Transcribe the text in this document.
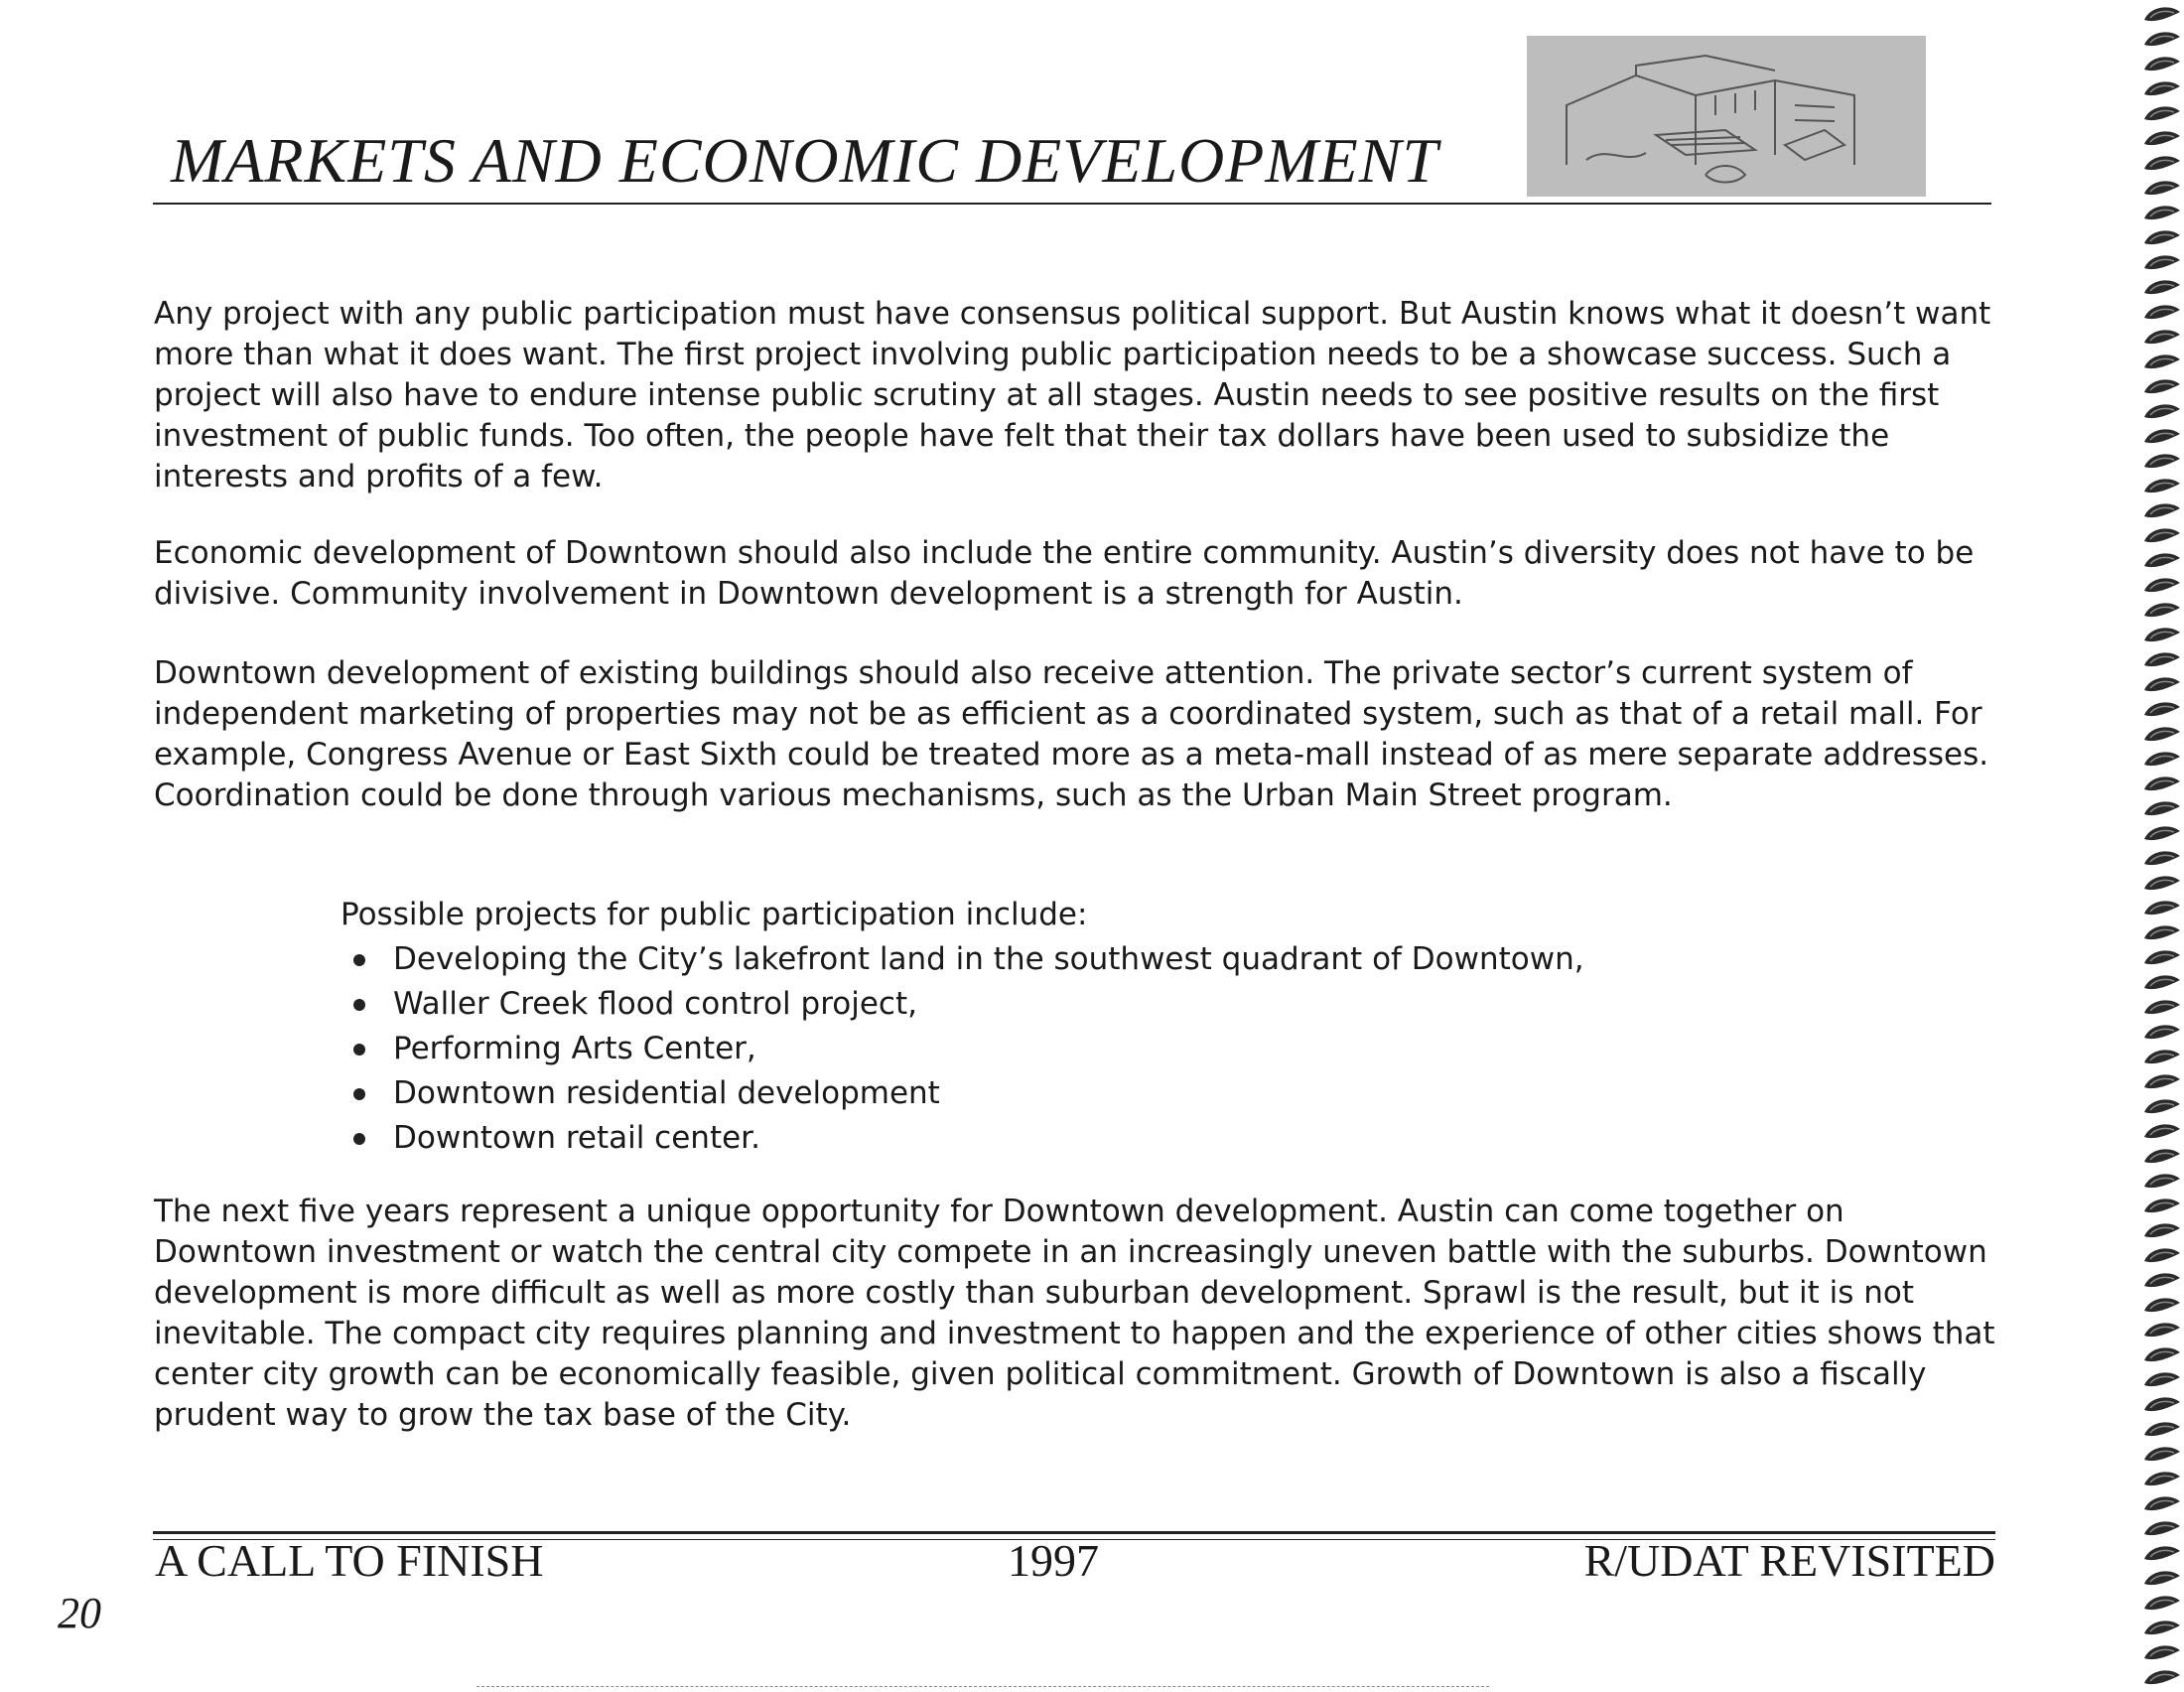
MARKETS AND ECONOMIC DEVELOPMENT

Any project with any public participation must have consensus political support. But Austin knows what it doesn’t want more than what it does want. The first project involving public participation needs to be a showcase success. Such a project will also have to endure intense public scrutiny at all stages. Austin needs to see positive results on the first investment of public funds. Too often, the people have felt that their tax dollars have been used to subsidize the interests and profits of a few.

Economic development of Downtown should also include the entire community. Austin’s diversity does not have to be divisive. Community involvement in Downtown development is a strength for Austin.

Downtown development of existing buildings should also receive attention. The private sector’s current system of independent marketing of properties may not be as efficient as a coordinated system, such as that of a retail mall. For example, Congress Avenue or East Sixth could be treated more as a meta-mall instead of as mere separate addresses. Coordination could be done through various mechanisms, such as the Urban Main Street program.

Possible projects for public participation include:

Developing the City’s lakefront land in the southwest quadrant of Downtown,
Waller Creek flood control project,
Performing Arts Center,
Downtown residential development
Downtown retail center.

The next five years represent a unique opportunity for Downtown development. Austin can come together on Downtown investment or watch the central city compete in an increasingly uneven battle with the suburbs. Downtown development is more difficult as well as more costly than suburban development. Sprawl is the result, but it is not inevitable. The compact city requires planning and investment to happen and the experience of other cities shows that center city growth can be economically feasible, given political commitment. Growth of Downtown is also a fiscally prudent way to grow the tax base of the City.

A CALL TO FINISH	1997	R/UDAT REVISITED
20
